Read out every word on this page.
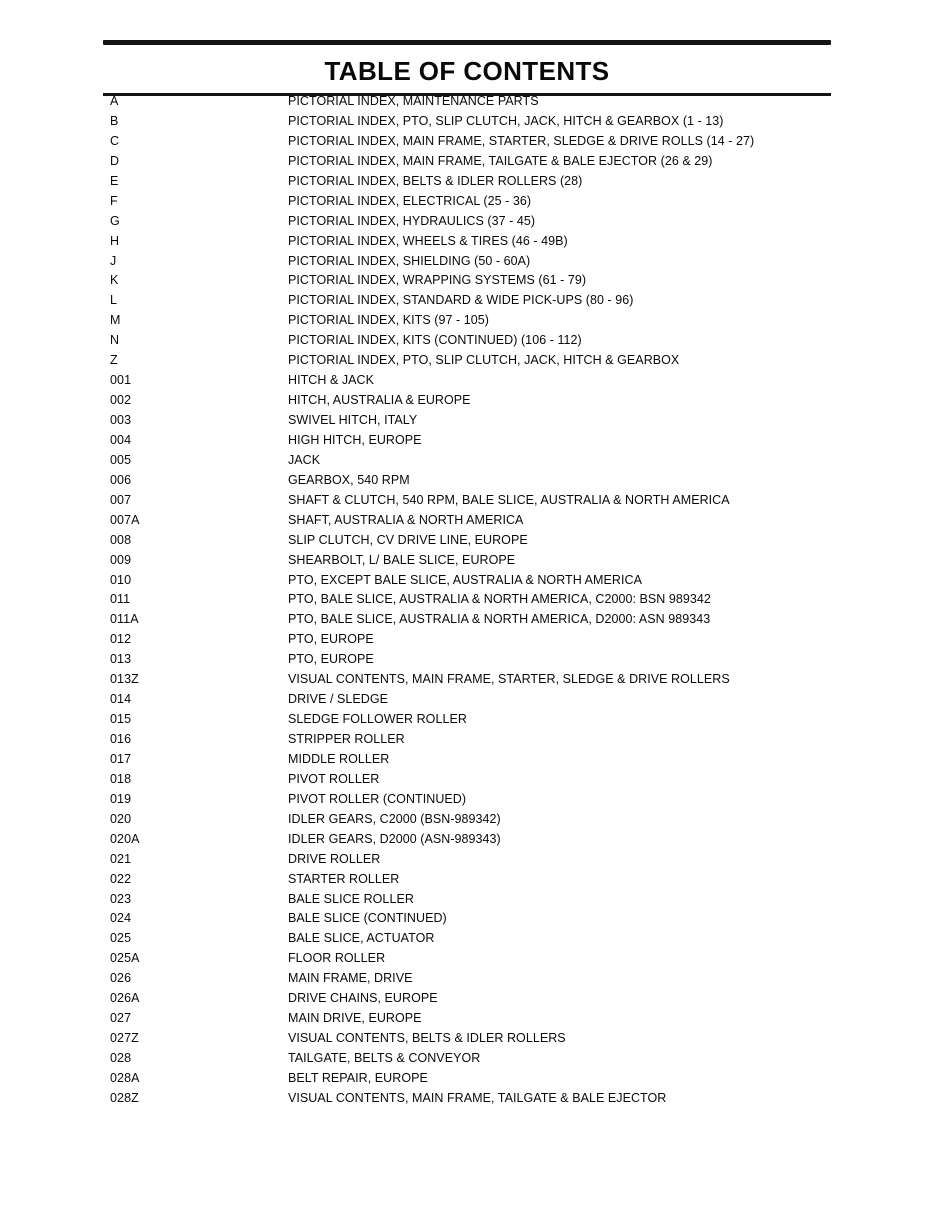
TABLE OF CONTENTS
A	PICTORIAL INDEX, MAINTENANCE PARTS
B	PICTORIAL INDEX, PTO, SLIP CLUTCH, JACK, HITCH & GEARBOX (1 - 13)
C	PICTORIAL INDEX, MAIN FRAME, STARTER, SLEDGE & DRIVE ROLLS (14 - 27)
D	PICTORIAL INDEX, MAIN FRAME, TAILGATE & BALE EJECTOR (26 & 29)
E	PICTORIAL INDEX, BELTS & IDLER ROLLERS (28)
F	PICTORIAL INDEX, ELECTRICAL (25 - 36)
G	PICTORIAL INDEX, HYDRAULICS (37 - 45)
H	PICTORIAL INDEX, WHEELS & TIRES (46 - 49B)
J	PICTORIAL INDEX, SHIELDING (50 - 60A)
K	PICTORIAL INDEX, WRAPPING SYSTEMS (61 - 79)
L	PICTORIAL INDEX, STANDARD & WIDE PICK-UPS (80 - 96)
M	PICTORIAL INDEX, KITS (97 - 105)
N	PICTORIAL INDEX, KITS (CONTINUED) (106 - 112)
Z	PICTORIAL INDEX, PTO, SLIP CLUTCH, JACK, HITCH & GEARBOX
001	HITCH & JACK
002	HITCH, AUSTRALIA & EUROPE
003	SWIVEL HITCH, ITALY
004	HIGH HITCH, EUROPE
005	JACK
006	GEARBOX, 540 RPM
007	SHAFT & CLUTCH, 540 RPM, BALE SLICE, AUSTRALIA & NORTH AMERICA
007A	SHAFT, AUSTRALIA & NORTH AMERICA
008	SLIP CLUTCH, CV DRIVE LINE, EUROPE
009	SHEARBOLT, L/ BALE SLICE, EUROPE
010	PTO, EXCEPT BALE SLICE, AUSTRALIA & NORTH AMERICA
011	PTO, BALE SLICE, AUSTRALIA & NORTH AMERICA, C2000: BSN 989342
011A	PTO, BALE SLICE, AUSTRALIA & NORTH AMERICA, D2000: ASN 989343
012	PTO, EUROPE
013	PTO, EUROPE
013Z	VISUAL CONTENTS, MAIN FRAME, STARTER, SLEDGE & DRIVE ROLLERS
014	DRIVE / SLEDGE
015	SLEDGE FOLLOWER ROLLER
016	STRIPPER ROLLER
017	MIDDLE ROLLER
018	PIVOT ROLLER
019	PIVOT ROLLER (CONTINUED)
020	IDLER GEARS, C2000 (BSN-989342)
020A	IDLER GEARS, D2000 (ASN-989343)
021	DRIVE ROLLER
022	STARTER ROLLER
023	BALE SLICE ROLLER
024	BALE SLICE (CONTINUED)
025	BALE SLICE, ACTUATOR
025A	FLOOR ROLLER
026	MAIN FRAME, DRIVE
026A	DRIVE CHAINS, EUROPE
027	MAIN DRIVE, EUROPE
027Z	VISUAL CONTENTS, BELTS & IDLER ROLLERS
028	TAILGATE, BELTS & CONVEYOR
028A	BELT REPAIR, EUROPE
028Z	VISUAL CONTENTS, MAIN FRAME, TAILGATE & BALE EJECTOR
